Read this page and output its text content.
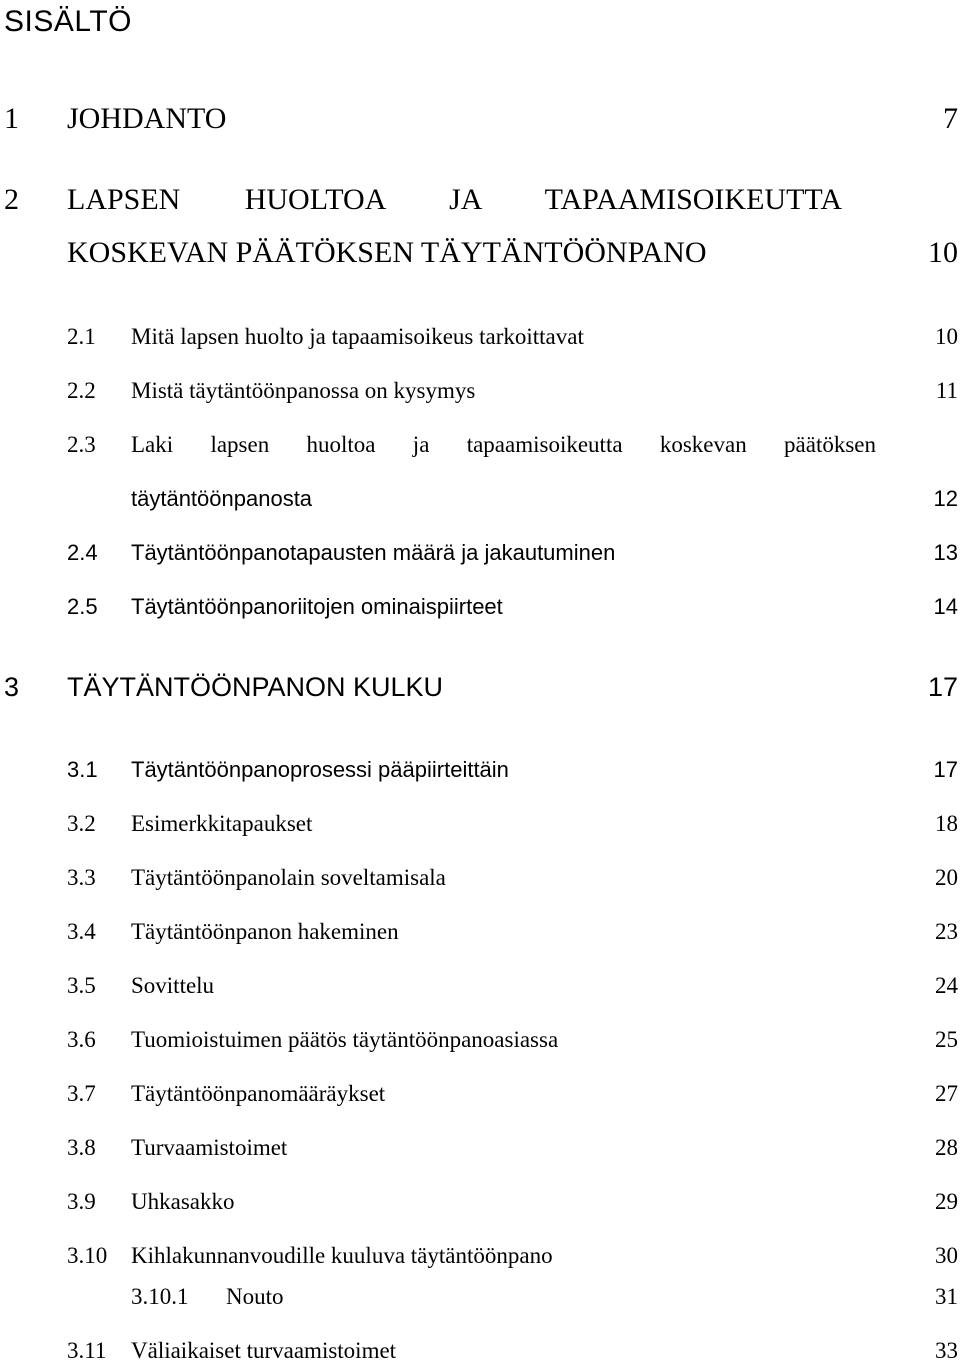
SISÄLTÖ
1 JOHDANTO	7
2 LAPSEN HUOLTOA JA TAPAAMISOIKEUTTA
KOSKEVAN PÄÄTÖKSEN TÄYTÄNTÖÖNPANO	10
2.1 Mitä lapsen huolto ja tapaamisoikeus tarkoittavat	10
2.2 Mistä täytäntöönpanossa on kysymys	11
2.3 Laki lapsen huoltoa ja tapaamisoikeutta koskevan päätöksen
täytäntöönpanosta	12
2.4 Täytäntöönpanotapausten määrä ja jakautuminen	13
2.5 Täytäntöönpanoriitojen ominaispiirteet	14
3 TÄYTÄNTÖÖNPANON KULKU	17
3.1 Täytäntöönpanoprosessi pääpiirteittäin	17
3.2 Esimerkkitapaukset	18
3.3 Täytäntöönpanolain soveltamisala	20
3.4 Täytäntöönpanon hakeminen	23
3.5 Sovittelu	24
3.6 Tuomioistuimen päätös täytäntöönpanoasiassa	25
3.7 Täytäntöönpanomääräykset	27
3.8 Turvaamistoimet	28
3.9 Uhkasakko	29
3.10 Kihlakunnanvoudille kuuluva täytäntöönpano	30
3.10.1 Nouto	31
3.11 Väliaikaiset turvaamistoimet	33
